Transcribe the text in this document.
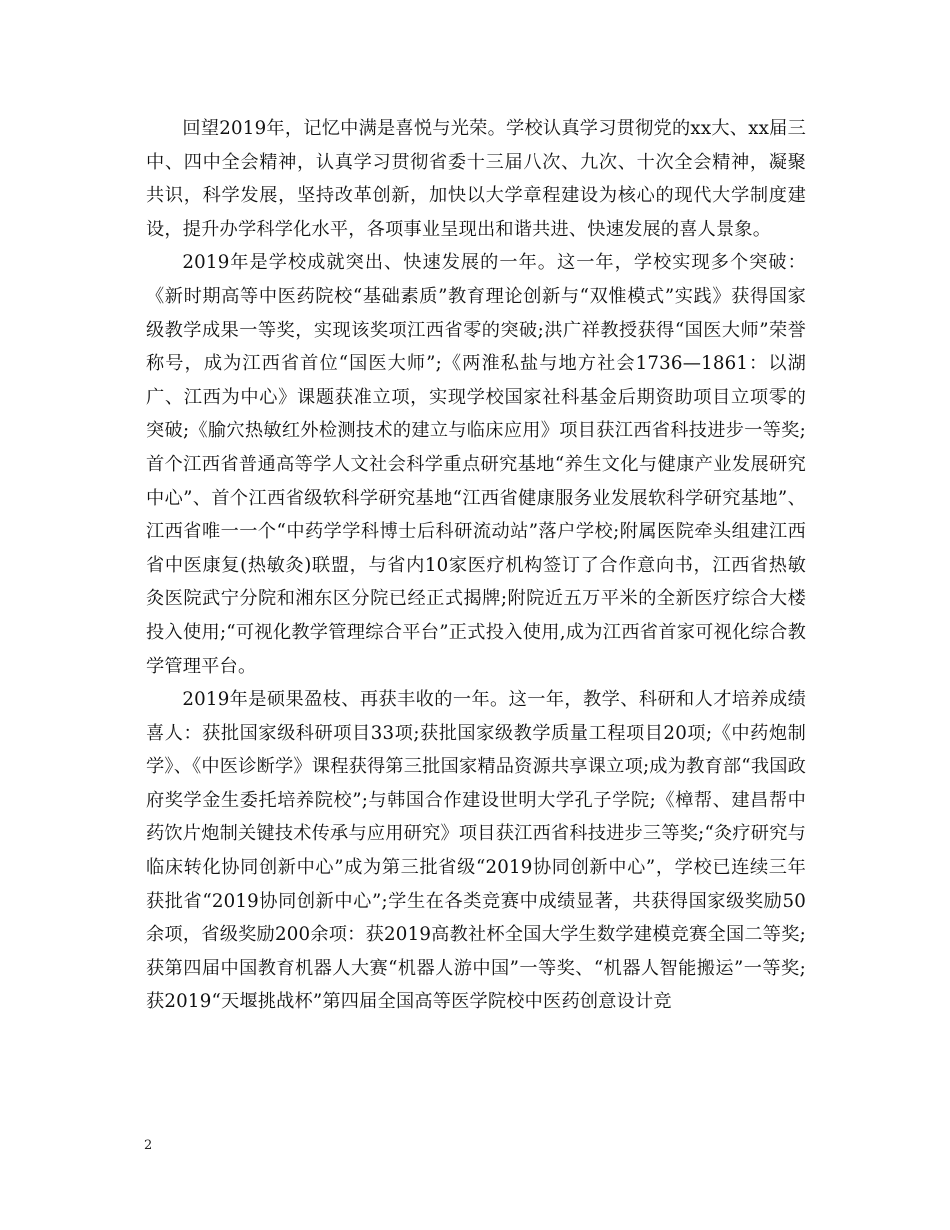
回望2019年，记忆中满是喜悦与光荣。学校认真学习贯彻党的xx大、xx届三中、四中全会精神，认真学习贯彻省委十三届八次、九次、十次全会精神，凝聚共识，科学发展，坚持改革创新，加快以大学章程建设为核心的现代大学制度建设，提升办学科学化水平，各项事业呈现出和谐共进、快速发展的喜人景象。

2019年是学校成就突出、快速发展的一年。这一年，学校实现多个突破：《新时期高等中医药院校“基础素质”教育理论创新与“双惟模式”实践》获得国家级教学成果一等奖，实现该奖项江西省零的突破;洪广祥教授获得“国医大师”荣誉称号，成为江西省首位“国医大师”;《两淮私盐与地方社会1736—1861：以湖广、江西为中心》课题获准立项，实现学校国家社科基金后期资助项目立项零的突破;《腧穴热敏红外检测技术的建立与临床应用》项目获江西省科技进步一等奖;首个江西省普通高等学人文社会科学重点研究基地“养生文化与健康产业发展研究中心”、首个江西省级软科学研究基地“江西省健康服务业发展软科学研究基地”、江西省唯一一个“中药学学科博士后科研流动站”落户学校;附属医院牵头组建江西省中医康复(热敏灸)联盟，与省内10家医疗机构签订了合作意向书，江西省热敏灸医院武宁分院和湘东区分院已经正式揭牌;附院近五万平米的全新医疗综合大楼投入使用;“可视化教学管理综合平台”正式投入使用,成为江西省首家可视化综合教学管理平台。

2019年是硕果盈枝、再获丰收的一年。这一年，教学、科研和人才培养成绩喜人：获批国家级科研项目33项;获批国家级教学质量工程项目20项;《中药炮制学》、《中医诊断学》课程获得第三批国家精品资源共享课立项;成为教育部“我国政府奖学金生委托培养院校”;与韩国合作建设世明大学孔子学院;《樟帮、建昌帮中药饮片炮制关键技术传承与应用研究》项目获江西省科技进步三等奖;“灸疗研究与临床转化协同创新中心”成为第三批省级“2019协同创新中心”，学校已连续三年获批省“2019协同创新中心”;学生在各类竞赛中成绩显著，共获得国家级奖励50余项，省级奖励200余项：获2019高教社杯全国大学生数学建模竞赛全国二等奖;获第四届中国教育机器人大赛“机器人游中国”一等奖、“机器人智能搬运”一等奖;获2019“天堰挑战杯”第四届全国高等医学院校中医药创意设计竞

2
